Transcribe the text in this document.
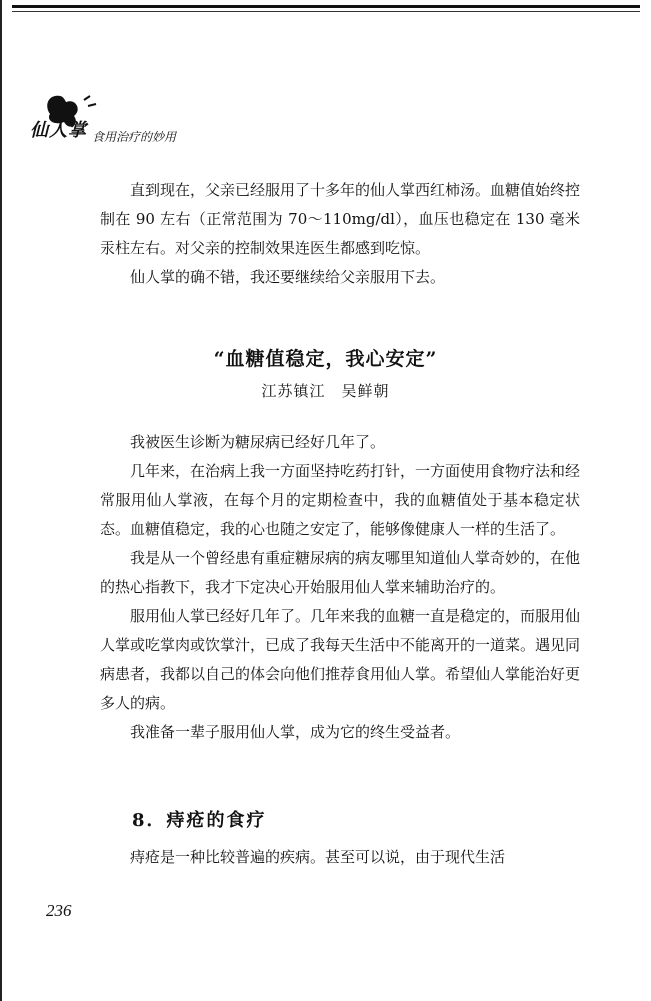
仙人掌 食用治疗的妙用

直到现在，父亲已经服用了十多年的仙人掌西红柿汤。血糖值始终控制在 90 左右（正常范围为 70～110mg/dl），血压也稳定在 130 毫米汞柱左右。对父亲的控制效果连医生都感到吃惊。

仙人掌的确不错，我还要继续给父亲服用下去。

“血糖值稳定，我心安定”
江苏镇江　吴鲜朝

我被医生诊断为糖尿病已经好几年了。

几年来，在治病上我一方面坚持吃药打针，一方面使用食物疗法和经常服用仙人掌液，在每个月的定期检查中，我的血糖值处于基本稳定状态。血糖值稳定，我的心也随之安定了，能够像健康人一样的生活了。

我是从一个曾经患有重症糖尿病的病友哪里知道仙人掌奇妙的，在他的热心指教下，我才下定决心开始服用仙人掌来辅助治疗的。

服用仙人掌已经好几年了。几年来我的血糖一直是稳定的，而服用仙人掌或吃掌肉或饮掌汁，已成了我每天生活中不能离开的一道菜。遇见同病患者，我都以自己的体会向他们推荐食用仙人掌。希望仙人掌能治好更多人的病。

我准备一辈子服用仙人掌，成为它的终生受益者。

8．痔疮的食疗

痔疮是一种比较普遍的疾病。甚至可以说，由于现代生活

236
